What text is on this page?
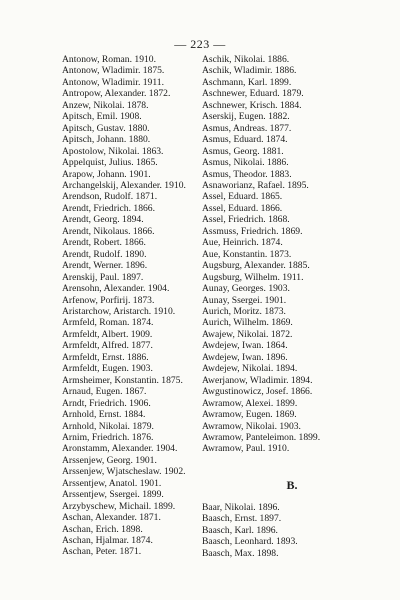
— 223 —
Antonow, Roman. 1910.
Antonow, Wladimir. 1875.
Antonow, Wladimir. 1911.
Antropow, Alexander. 1872.
Anzew, Nikolai. 1878.
Apitsch, Emil. 1908.
Apitsch, Gustav. 1880.
Apitsch, Johann. 1880.
Apostolow, Nikolai. 1863.
Appelquist, Julius. 1865.
Arapow, Johann. 1901.
Archangelskij, Alexander. 1910.
Arendson, Rudolf. 1871.
Arendt, Friedrich. 1866.
Arendt, Georg. 1894.
Arendt, Nikolaus. 1866.
Arendt, Robert. 1866.
Arendt, Rudolf. 1890.
Arendt, Werner. 1896.
Arenskij, Paul. 1897.
Arensohn, Alexander. 1904.
Arfenow, Porfirij. 1873.
Aristarchow, Aristarch. 1910.
Armfeld, Roman. 1874.
Armfeldt, Albert. 1909.
Armfeldt, Alfred. 1877.
Armfeldt, Ernst. 1886.
Armfeldt, Eugen. 1903.
Armsheimer, Konstantin. 1875.
Arnaud, Eugen. 1867.
Arndt, Friedrich. 1906.
Arnhold, Ernst. 1884.
Arnhold, Nikolai. 1879.
Arnim, Friedrich. 1876.
Aronstamm, Alexander. 1904.
Arssenjew, Georg. 1901.
Arssenjew, Wjatscheslaw. 1902.
Arssentjew, Anatol. 1901.
Arssentjew, Ssergei. 1899.
Arzybyschew, Michail. 1899.
Aschan, Alexander. 1871.
Aschan, Erich. 1898.
Aschan, Hjalmar. 1874.
Aschan, Peter. 1871.
Aschik, Nikolai. 1886.
Aschik, Wladimir. 1886.
Aschmann, Karl. 1899.
Aschnewer, Eduard. 1879.
Aschnewer, Krisch. 1884.
Aserskij, Eugen. 1882.
Asmus, Andreas. 1877.
Asmus, Eduard. 1874.
Asmus, Georg. 1881.
Asmus, Nikolai. 1886.
Asmus, Theodor. 1883.
Asnaworianz, Rafael. 1895.
Assel, Eduard. 1865.
Assel, Eduard. 1866.
Assel, Friedrich. 1868.
Assmuss, Friedrich. 1869.
Aue, Heinrich. 1874.
Aue, Konstantin. 1873.
Augsburg, Alexander. 1885.
Augsburg, Wilhelm. 1911.
Aunay, Georges. 1903.
Aunay, Ssergei. 1901.
Aurich, Moritz. 1873.
Aurich, Wilhelm. 1869.
Awajew, Nikolai. 1872.
Awdejew, Iwan. 1864.
Awdejew, Iwan. 1896.
Awdejew, Nikolai. 1894.
Awerjanow, Wladimir. 1894.
Awgustinowicz, Josef. 1866.
Awramow, Alexei. 1899.
Awramow, Eugen. 1869.
Awramow, Nikolai. 1903.
Awramow, Panteleimon. 1899.
Awramow, Paul. 1910.
B.
Baar, Nikolai. 1896.
Baasch, Ernst. 1897.
Baasch, Karl. 1896.
Baasch, Leonhard. 1893.
Baasch, Max. 1898.
